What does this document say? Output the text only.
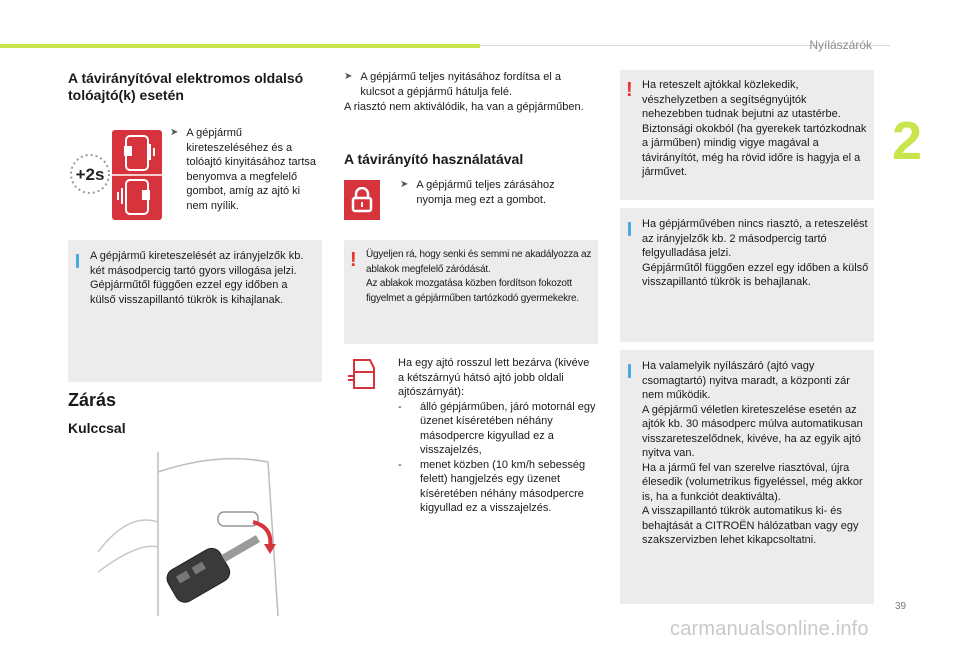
Nyílászárók
2
A távirányítóval elektromos oldalsó tolóajtó(k) esetén
+2s
➤ A gépjármű kireteszeléséhez és a tolóajtó kinyitásához tartsa benyomva a megfelelő gombot, amíg az ajtó ki nem nyílik.
A gépjármű kireteszelését az irányjelzők kb. két másodpercig tartó gyors villogása jelzi.
Gépjárműtől függően ezzel egy időben a külső visszapillantó tükrök is kihajlanak.
Zárás
Kulccsal
➤ A gépjármű teljes nyitásához fordítsa el a kulcsot a gépjármű hátulja felé.
A riasztó nem aktiválódik, ha van a gépjárműben.
A távirányító használatával
➤ A gépjármű teljes zárásához nyomja meg ezt a gombot.
! Ügyeljen rá, hogy senki és semmi ne akadályozza az ablakok megfelelő záródását.
Az ablakok mozgatása közben fordítson fokozott figyelmet a gépjárműben tartózkodó gyermekekre.
Ha egy ajtó rosszul lett bezárva (kivéve a kétszárnyú hátsó ajtó jobb oldali ajtószárnyát):
-	álló gépjárműben, járó motornál egy üzenet kíséretében néhány másodpercre kigyullad ez a visszajelzés,
-	menet közben (10 km/h sebesség felett) hangjelzés egy üzenet kíséretében néhány másodpercre kigyullad ez a visszajelzés.
! Ha reteszelt ajtókkal közlekedik, vészhelyzetben a segítségnyújtók nehezebben tudnak bejutni az utastérbe.
Biztonsági okokból (ha gyerekek tartózkodnak a járműben) mindig vigye magával a távirányítót, még ha rövid időre is hagyja el a járművet.
Ha gépjárművében nincs riasztó, a reteszelést az irányjelzők kb. 2 másodpercig tartó felgyulladása jelzi.
Gépjárműtől függően ezzel egy időben a külső visszapillantó tükrök is behajlanak.
Ha valamelyik nyílászáró (ajtó vagy csomagtartó) nyitva maradt, a központi zár nem működik.
A gépjármű véletlen kireteszelése esetén az ajtók kb. 30 másodperc múlva automatikusan visszareteszelődnek, kivéve, ha az egyik ajtó nyitva van.
Ha a jármű fel van szerelve riasztóval, újra élesedik (volumetrikus figyeléssel, még akkor is, ha a funkciót deaktiválta).
A visszapillantó tükrök automatikus ki- és behajtását a CITROËN hálózatban vagy egy szakszervizben lehet kikapcsoltatni.
39
carmanualsonline.info
